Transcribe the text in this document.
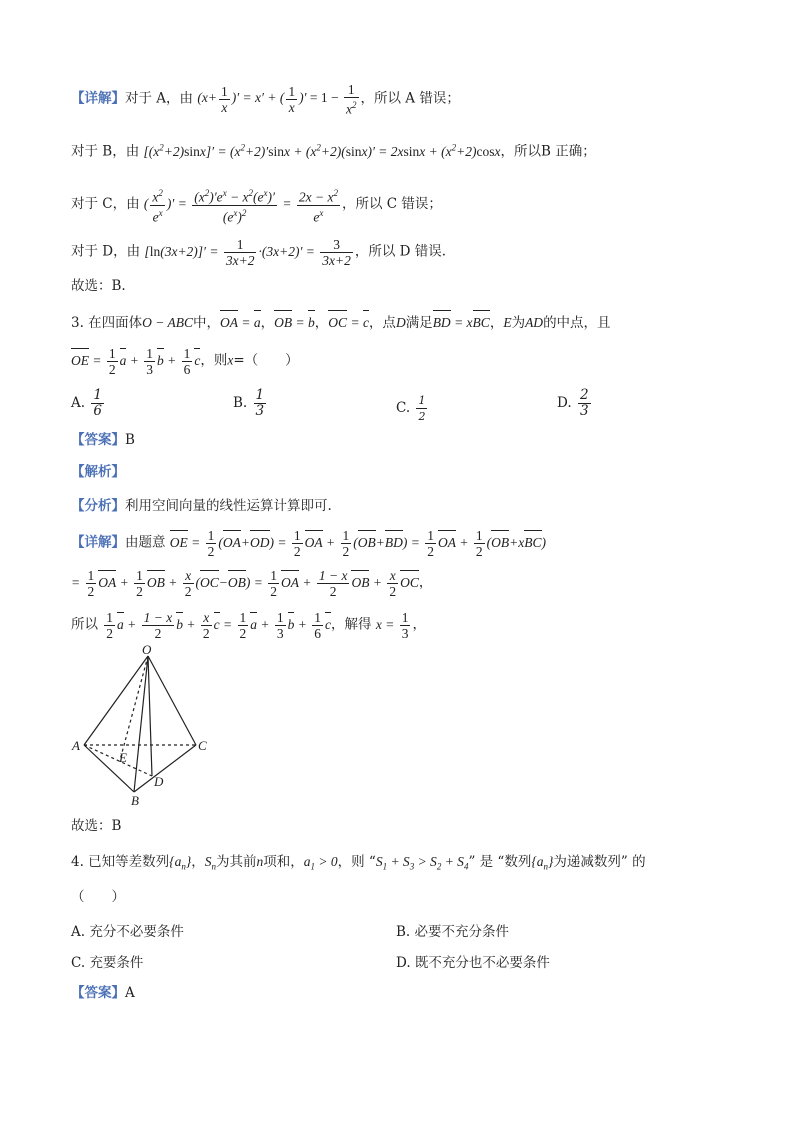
【详解】对于 A，由 ($x+ \frac{1}{x}$ )′ = x′ + ( $\frac{1}{x}$ )′ = $1 - \frac{1}{x^2}$ ，所以 A 错误；
对于 B，由 $[(x^2+2)\sin x]' = (x^2+2)'\sin x + (x^2+2)(\sin x)' = 2xsinx + (x^2+2)\cos x$，所以B 正确；
对于 C，由 ( $\frac{x^2}{e^x}$ )′ = $\frac{(x^2)'e^x - x^2(e^x)'}{(e^x)^2} = \frac{2x - x^2}{e^x}$ ，所以 C 错误；
对于 D，由 $[\ln(3x+2)]' = \frac{1}{3x+2} \cdot(3x+2)' = \frac{3}{3x+2}$ ，所以 D 错误.
故选：B.
3. 在四面体O − ABC中，OA = a，OB = b，OC = c，点D满足BD = xBC，E为AD的中点，且
OE = $\frac{1}{2}$ $a + \frac{1}{3}$ $b + \frac{1}{6}$ c，则x=（　　）
A. $\frac{1}{6}$	B. $\frac{1}{3}$	C. $\frac{1}{2}$	D. $\frac{2}{3}$
【答案】B
【解析】
【分析】利用空间向量的线性运算计算即可.
【详解】由题意 OE = $\frac{1}{2} (OA+OD) = \frac{1}{2}$ OA + $\frac{1}{2} (OB+BD) = \frac{1}{2}$ OA + $\frac{1}{2} (OB+xBC)$
= $\frac{1}{2}$ OA + $\frac{1}{2}$ OB + $\frac{x}{2} (OC-OB) = \frac{1}{2}$ OA + $\frac{1 - x}{2}$ OB + $\frac{x}{2}$ OC，
所以 $\frac{1}{2}$ $a + \frac{1 - x}{2}$ $b + \frac{x}{2}$ $c = \frac{1}{2}$ $a + \frac{1}{3}$ $b + \frac{1}{6}$ c，解得 $x = \frac{1}{3}$ ，
O
A
B
C
D
E
故选：B
4. 已知等差数列$\{a_n\}$，$S_n$为其前n项和，$a_1 > 0$，则 “$S_1 + S_3 > S_2 + S_4$” 是 “数列$\{a_n\}$为递减数列” 的
（　　）
A. 充分不必要条件	B. 必要不充分条件
C. 充要条件	D. 既不充分也不必要条件
【答案】A
